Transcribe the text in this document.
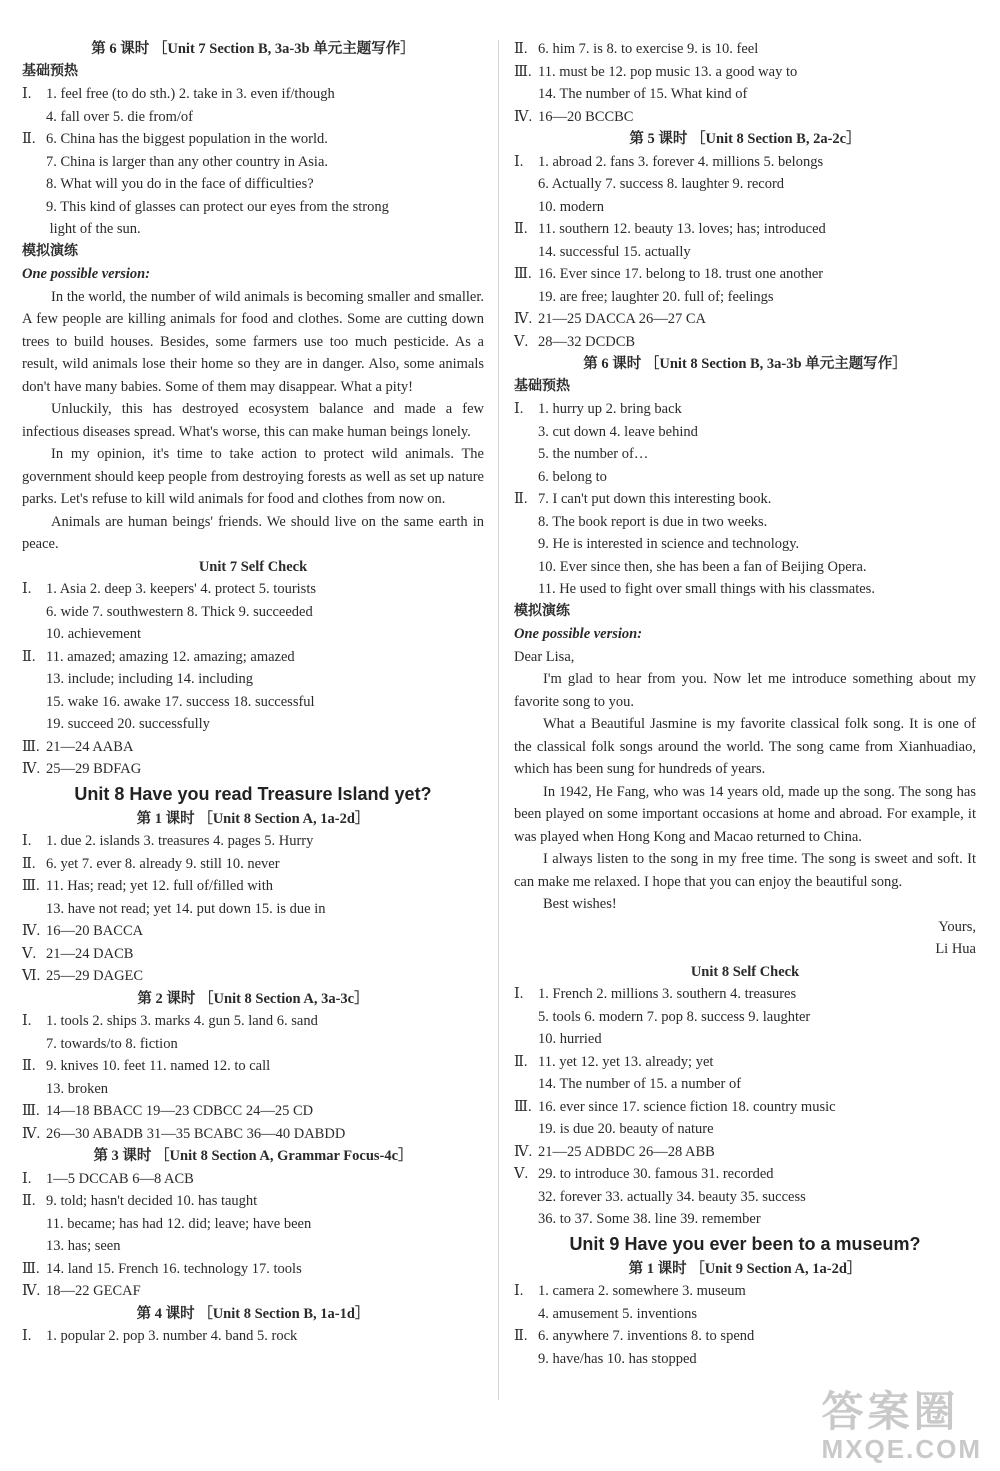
第 6 课时 ［Unit 7 Section B, 3a-3b 单元主题写作］
基础预热
Ⅰ. 1. feel free (to do sth.) 2. take in 3. even if/though
4. fall over 5. die from/of
Ⅱ. 6. China has the biggest population in the world.
7. China is larger than any other country in Asia.
8. What will you do in the face of difficulties?
9. This kind of glasses can protect our eyes from the strong
light of the sun.
模拟演练
One possible version:
In the world, the number of wild animals is becoming smaller and smaller. A few people are killing animals for food and clothes. Some are cutting down trees to build houses. Besides, some farmers use too much pesticide. As a result, wild animals lose their home so they are in danger. Also, some animals don't have many babies. Some of them may disappear. What a pity!
Unluckily, this has destroyed ecosystem balance and made a few infectious diseases spread. What's worse, this can make human beings lonely.
In my opinion, it's time to take action to protect wild animals. The government should keep people from destroying forests as well as set up nature parks. Let's refuse to kill wild animals for food and clothes from now on.
Animals are human beings' friends. We should live on the same earth in peace.
Unit 7 Self Check
Ⅰ. 1. Asia 2. deep 3. keepers' 4. protect 5. tourists
6. wide 7. southwestern 8. Thick 9. succeeded
10. achievement
Ⅱ. 11. amazed; amazing 12. amazing; amazed
13. include; including 14. including
15. wake 16. awake 17. success 18. successful
19. succeed 20. successfully
Ⅲ. 21—24 AABA
Ⅳ. 25—29 BDFAG
Unit 8 Have you read Treasure Island yet?
第 1 课时 ［Unit 8 Section A, 1a-2d］
Ⅰ. 1. due 2. islands 3. treasures 4. pages 5. Hurry
Ⅱ. 6. yet 7. ever 8. already 9. still 10. never
Ⅲ. 11. Has; read; yet 12. full of/filled with
13. have not read; yet 14. put down 15. is due in
Ⅳ. 16—20 BACCA
Ⅴ. 21—24 DACB
Ⅵ. 25—29 DAGEC
第 2 课时 ［Unit 8 Section A, 3a-3c］
Ⅰ. 1. tools 2. ships 3. marks 4. gun 5. land 6. sand
7. towards/to 8. fiction
Ⅱ. 9. knives 10. feet 11. named 12. to call
13. broken
Ⅲ. 14—18 BBACC 19—23 CDBCC 24—25 CD
Ⅳ. 26—30 ABADB 31—35 BCABC 36—40 DABDD
第 3 课时 ［Unit 8 Section A, Grammar Focus-4c］
Ⅰ. 1—5 DCCAB 6—8 ACB
Ⅱ. 9. told; hasn't decided 10. has taught
11. became; has had 12. did; leave; have been
13. has; seen
Ⅲ. 14. land 15. French 16. technology 17. tools
Ⅳ. 18—22 GECAF
第 4 课时 ［Unit 8 Section B, 1a-1d］
Ⅰ. 1. popular 2. pop 3. number 4. band 5. rock
Ⅱ. 6. him 7. is 8. to exercise 9. is 10. feel
Ⅲ. 11. must be 12. pop music 13. a good way to
14. The number of 15. What kind of
Ⅳ. 16—20 BCCBC
第 5 课时 ［Unit 8 Section B, 2a-2c］
Ⅰ. 1. abroad 2. fans 3. forever 4. millions 5. belongs
6. Actually 7. success 8. laughter 9. record
10. modern
Ⅱ. 11. southern 12. beauty 13. loves; has; introduced
14. successful 15. actually
Ⅲ. 16. Ever since 17. belong to 18. trust one another
19. are free; laughter 20. full of; feelings
Ⅳ. 21—25 DACCA 26—27 CA
Ⅴ. 28—32 DCDCB
第 6 课时 ［Unit 8 Section B, 3a-3b 单元主题写作］
基础预热
Ⅰ. 1. hurry up 2. bring back
3. cut down 4. leave behind
5. the number of…
6. belong to
Ⅱ. 7. I can't put down this interesting book.
8. The book report is due in two weeks.
9. He is interested in science and technology.
10. Ever since then, she has been a fan of Beijing Opera.
11. He used to fight over small things with his classmates.
模拟演练
One possible version:
Dear Lisa,
I'm glad to hear from you. Now let me introduce something about my favorite song to you.
What a Beautiful Jasmine is my favorite classical folk song. It is one of the classical folk songs around the world. The song came from Xianhuadiao, which has been sung for hundreds of years.
In 1942, He Fang, who was 14 years old, made up the song. The song has been played on some important occasions at home and abroad. For example, it was played when Hong Kong and Macao returned to China.
I always listen to the song in my free time. The song is sweet and soft. It can make me relaxed. I hope that you can enjoy the beautiful song.
Best wishes!
Yours,
Li Hua
Unit 8 Self Check
Ⅰ. 1. French 2. millions 3. southern 4. treasures
5. tools 6. modern 7. pop 8. success 9. laughter
10. hurried
Ⅱ. 11. yet 12. yet 13. already; yet
14. The number of 15. a number of
Ⅲ. 16. ever since 17. science fiction 18. country music
19. is due 20. beauty of nature
Ⅳ. 21—25 ADBDC 26—28 ABB
Ⅴ. 29. to introduce 30. famous 31. recorded
32. forever 33. actually 34. beauty 35. success
36. to 37. Some 38. line 39. remember
Unit 9 Have you ever been to a museum?
第 1 课时 ［Unit 9 Section A, 1a-2d］
Ⅰ. 1. camera 2. somewhere 3. museum
4. amusement 5. inventions
Ⅱ. 6. anywhere 7. inventions 8. to spend
9. have/has 10. has stopped
答案圈
MXQE.COM
